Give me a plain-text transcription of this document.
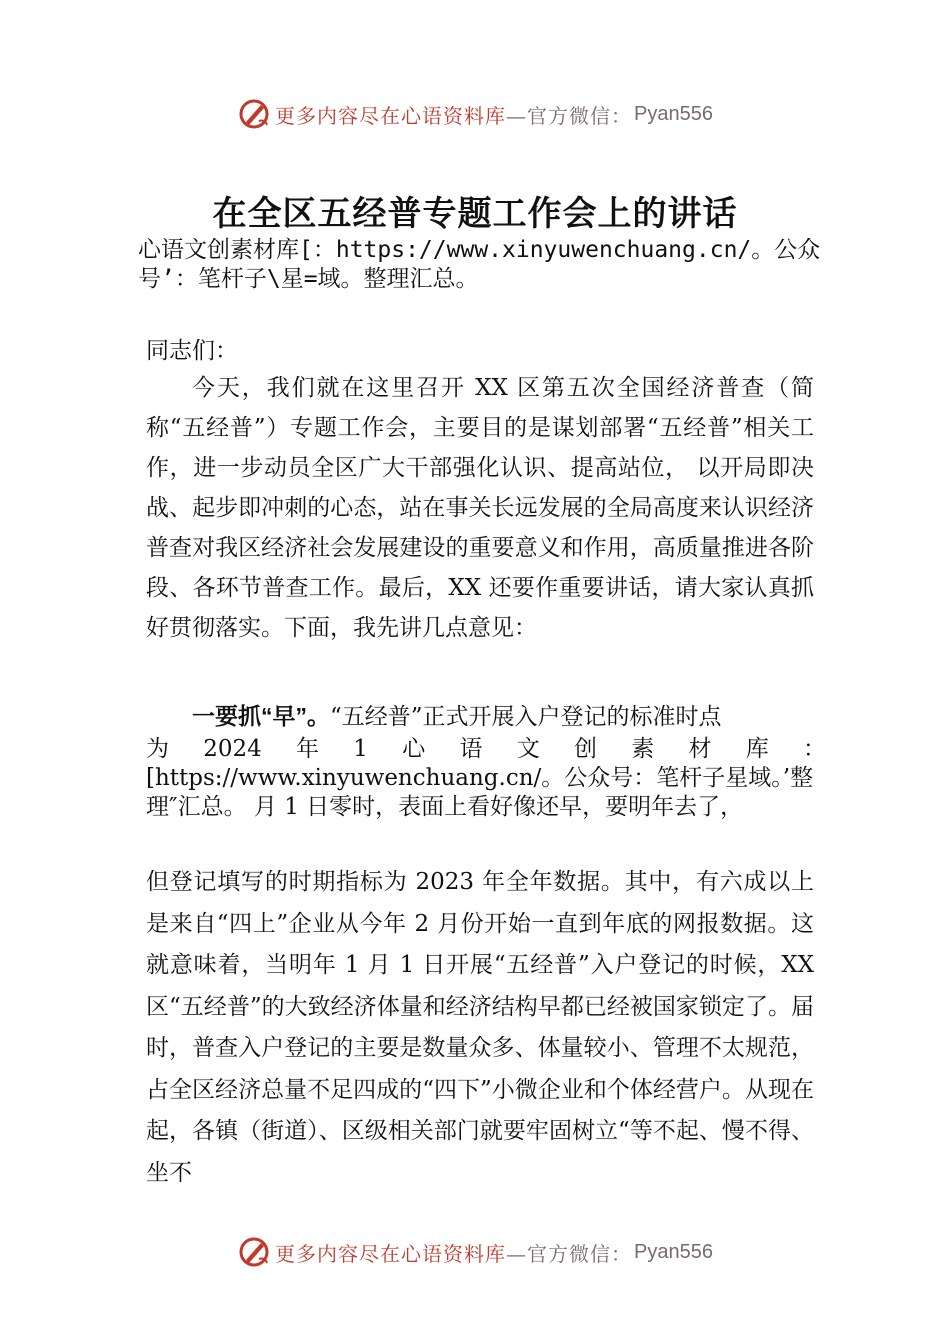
更多内容尽在心语资料库 —官方微信： Pyan556
在全区五经普专题工作会上的讲话
心语文创素材库[：https://www.xinyuwenchuang.cn/。公众号’：笔杆子\星=域。整理汇总。
同志们：

今天，我们就在这里召开 XX 区第五次全国经济普查（简称“五经普”）专题工作会，主要目的是谋划部署“五经普”相关工作，进一步动员全区广大干部强化认识、提高站位， 以开局即决战、起步即冲刺的心态，站在事关长远发展的全局高度来认识经济普查对我区经济社会发展建设的重要意义和作用，高质量推进各阶段、各环节普查工作。最后，XX 还要作重要讲话，请大家认真抓好贯彻落实。下面，我先讲几点意见：

一要抓“早”。“五经普”正式开展入户登记的标准时点
为 2024 年 1 心 语 文 创 素 材 库 ：
[https://www.xinyuwenchuang.cn/。公众号：笔杆子星域。’整理″汇总。 月 1 日零时，表面上看好像还早，要明年去了，

但登记填写的时期指标为 2023 年全年数据。其中，有六成以上是来自“四上”企业从今年 2 月份开始一直到年底的网报数据。这就意味着，当明年 1 月 1 日开展“五经普”入户登记的时候，XX 区“五经普”的大致经济体量和经济结构早都已经被国家锁定了。届时，普查入户登记的主要是数量众多、体量较小、管理不太规范，占全区经济总量不足四成的“四下”小微企业和个体经营户。从现在起，各镇（街道）、区级相关部门就要牢固树立“等不起、慢不得、坐不

更多内容尽在心语资料库 —官方微信： Pyan556
